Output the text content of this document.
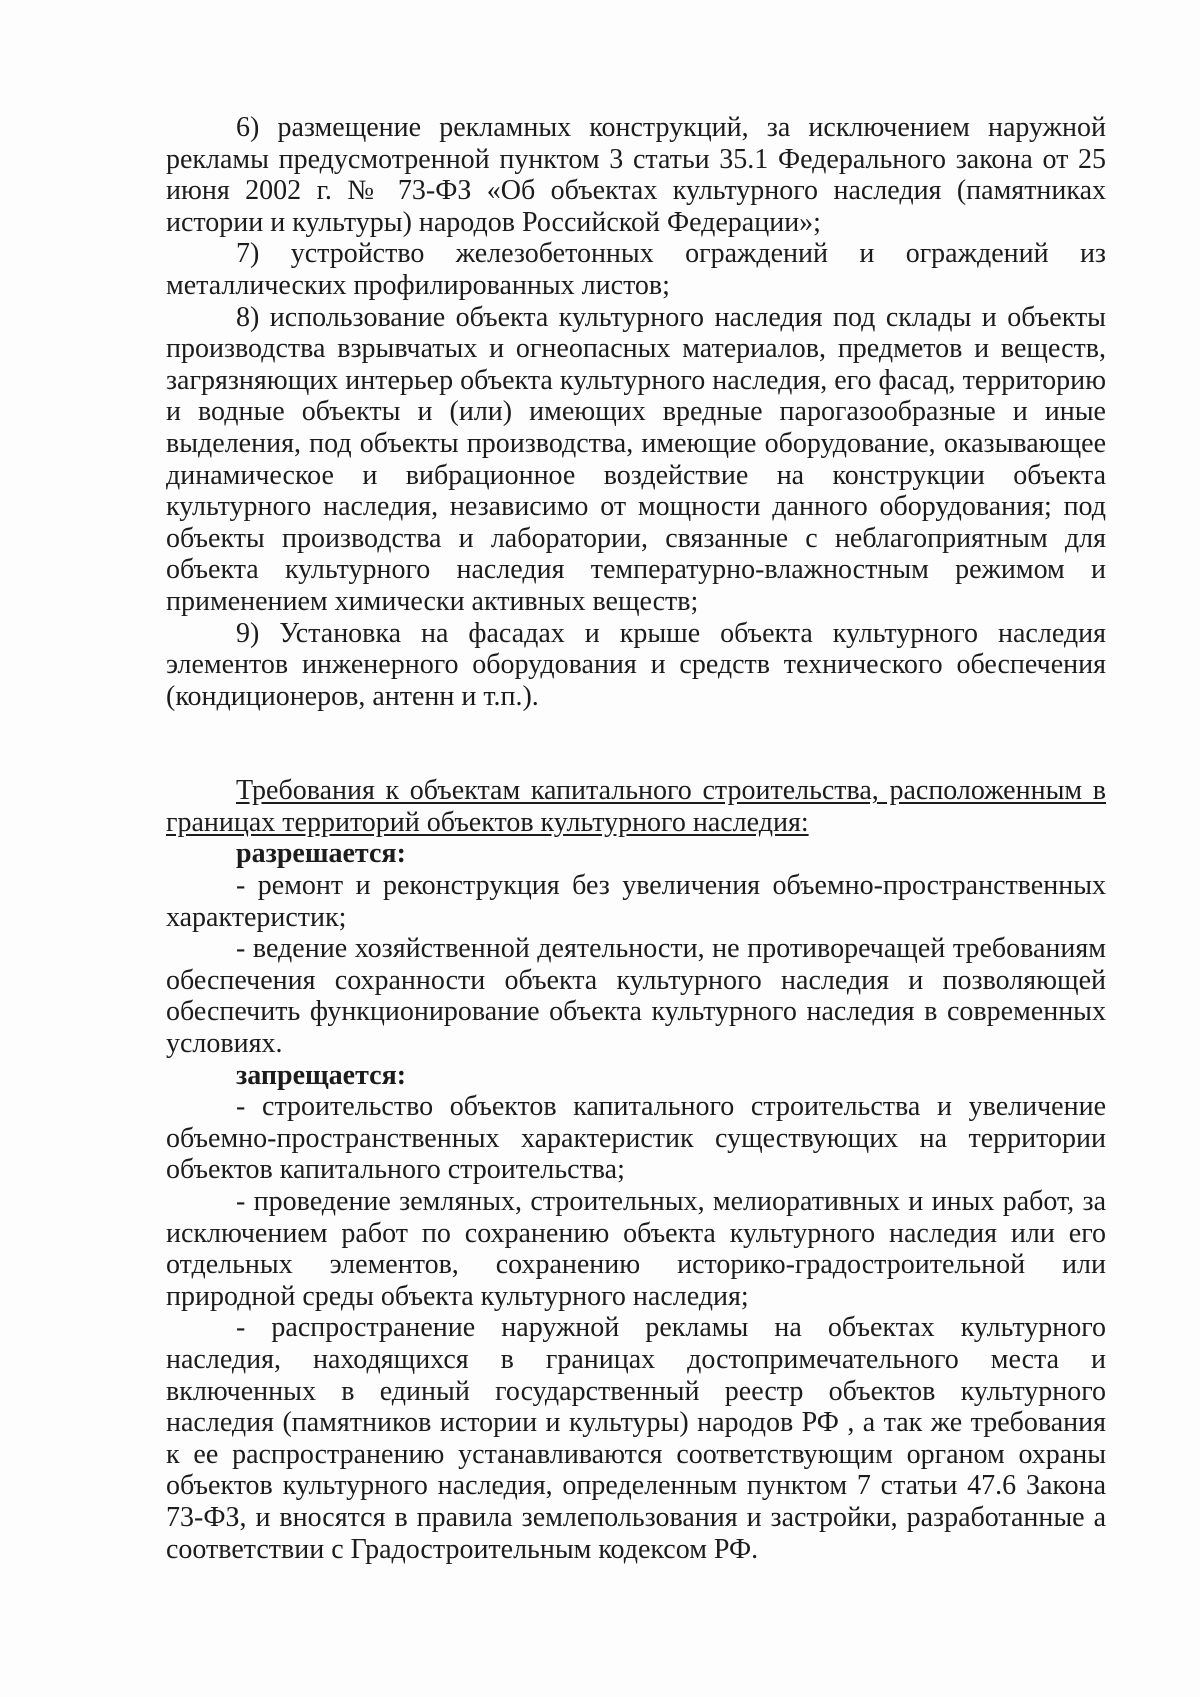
6) размещение рекламных конструкций, за исключением наружной рекламы предусмотренной пунктом 3 статьи 35.1 Федерального закона от 25 июня 2002 г. № 73-ФЗ «Об объектах культурного наследия (памятниках истории и культуры) народов Российской Федерации»;

7) устройство железобетонных ограждений и ограждений из металлических профилированных листов;

8) использование объекта культурного наследия под склады и объекты производства взрывчатых и огнеопасных материалов, предметов и веществ, загрязняющих интерьер объекта культурного наследия, его фасад, территорию и водные объекты и (или) имеющих вредные парогазообразные и иные выделения, под объекты производства, имеющие оборудование, оказывающее динамическое и вибрационное воздействие на конструкции объекта культурного наследия, независимо от мощности данного оборудования; под объекты производства и лаборатории, связанные с неблагоприятным для объекта культурного наследия температурно-влажностным режимом и применением химически активных веществ;

9) Установка на фасадах и крыше объекта культурного наследия элементов инженерного оборудования и средств технического обеспечения (кондиционеров, антенн и т.п.).

Требования к объектам капитального строительства, расположенным в границах территорий объектов культурного наследия:

разрешается:

- ремонт и реконструкция без увеличения объемно-пространственных характеристик;

- ведение хозяйственной деятельности, не противоречащей требованиям обеспечения сохранности объекта культурного наследия и позволяющей обеспечить функционирование объекта культурного наследия в современных условиях.

запрещается:

- строительство объектов капитального строительства и увеличение объемно-пространственных характеристик существующих на территории объектов капитального строительства;

- проведение земляных, строительных, мелиоративных и иных работ, за исключением работ по сохранению объекта культурного наследия или его отдельных элементов, сохранению историко-градостроительной или природной среды объекта культурного наследия;

- распространение наружной рекламы на объектах культурного наследия, находящихся в границах достопримечательного места и включенных в единый государственный реестр объектов культурного наследия (памятников истории и культуры) народов РФ , а так же требования к ее распространению устанавливаются соответствующим органом охраны объектов культурного наследия, определенным пунктом 7 статьи 47.6 Закона 73-ФЗ, и вносятся в правила землепользования и застройки, разработанные а соответствии с Градостроительным кодексом РФ.
